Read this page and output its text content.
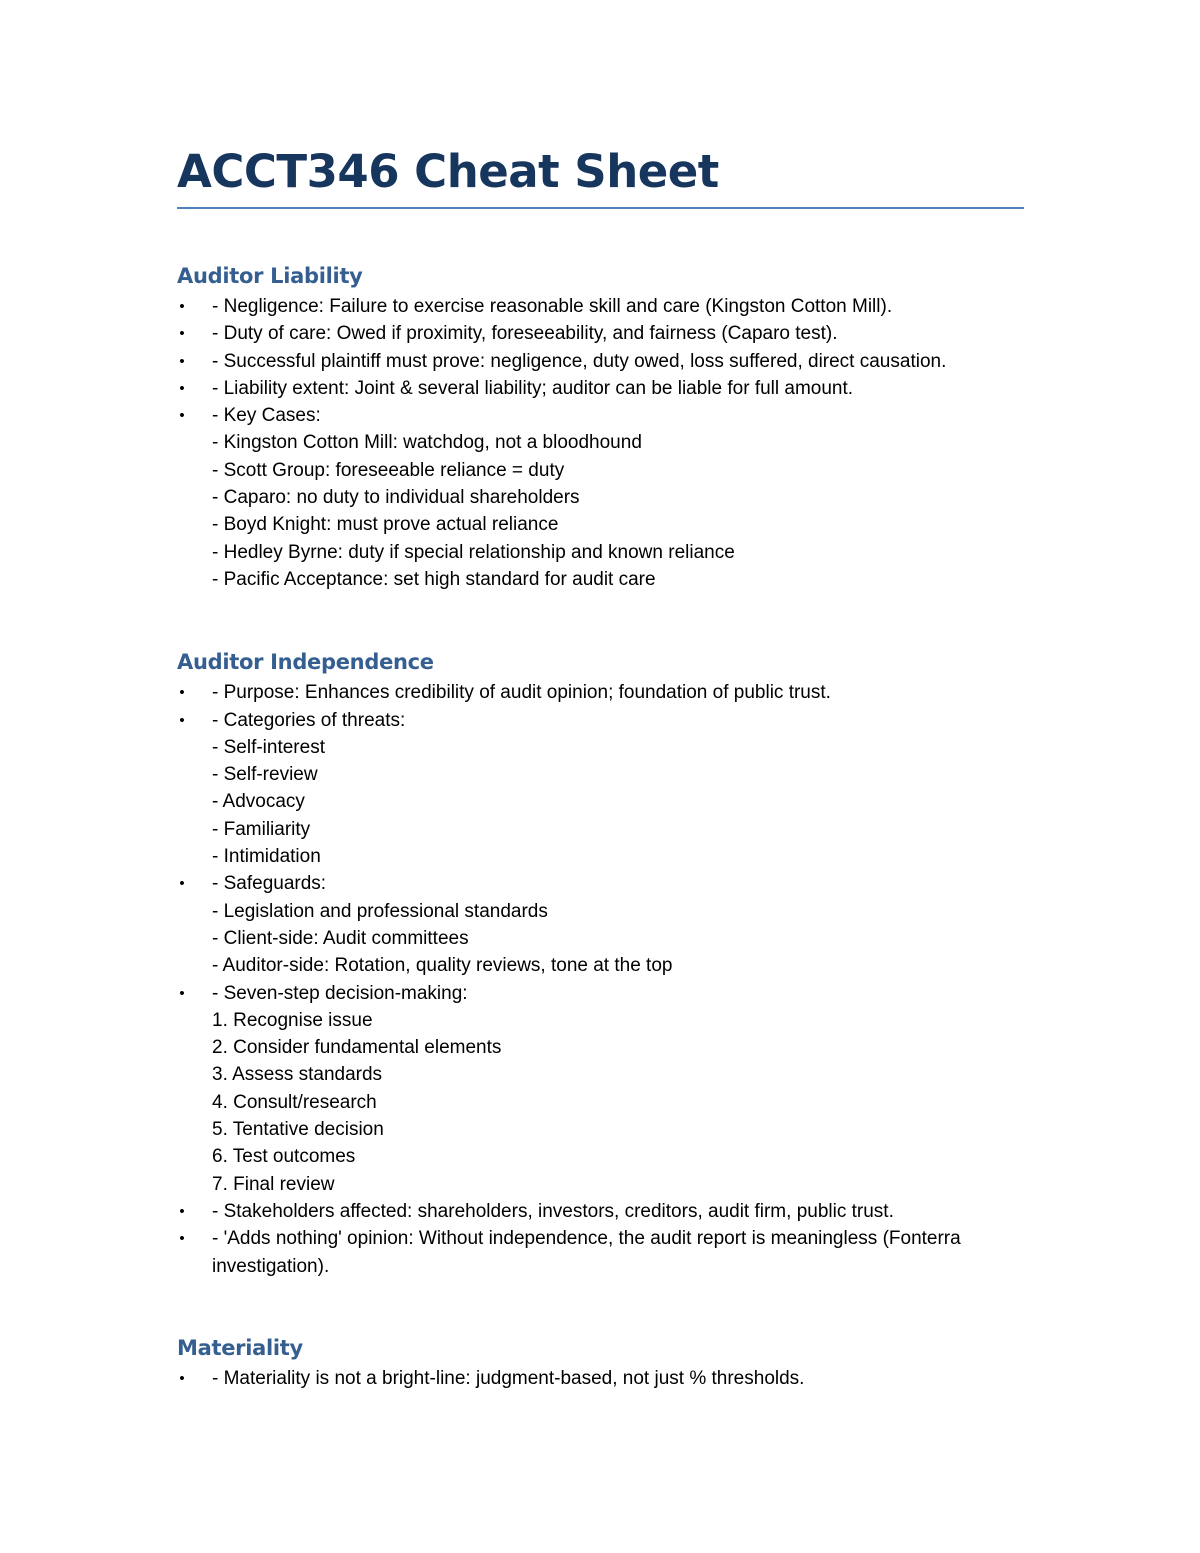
ACCT346 Cheat Sheet
Auditor Liability
• - Negligence: Failure to exercise reasonable skill and care (Kingston Cotton Mill).
• - Duty of care: Owed if proximity, foreseeability, and fairness (Caparo test).
• - Successful plaintiff must prove: negligence, duty owed, loss suffered, direct causation.
• - Liability extent: Joint & several liability; auditor can be liable for full amount.
• - Key Cases:
- Kingston Cotton Mill: watchdog, not a bloodhound
- Scott Group: foreseeable reliance = duty
- Caparo: no duty to individual shareholders
- Boyd Knight: must prove actual reliance
- Hedley Byrne: duty if special relationship and known reliance
- Pacific Acceptance: set high standard for audit care
Auditor Independence
• - Purpose: Enhances credibility of audit opinion; foundation of public trust.
• - Categories of threats:
- Self-interest
- Self-review
- Advocacy
- Familiarity
- Intimidation
• - Safeguards:
- Legislation and professional standards
- Client-side: Audit committees
- Auditor-side: Rotation, quality reviews, tone at the top
• - Seven-step decision-making:
1. Recognise issue
2. Consider fundamental elements
3. Assess standards
4. Consult/research
5. Tentative decision
6. Test outcomes
7. Final review
• - Stakeholders affected: shareholders, investors, creditors, audit firm, public trust.
• - 'Adds nothing' opinion: Without independence, the audit report is meaningless (Fonterra investigation).
Materiality
• - Materiality is not a bright-line: judgment-based, not just % thresholds.
